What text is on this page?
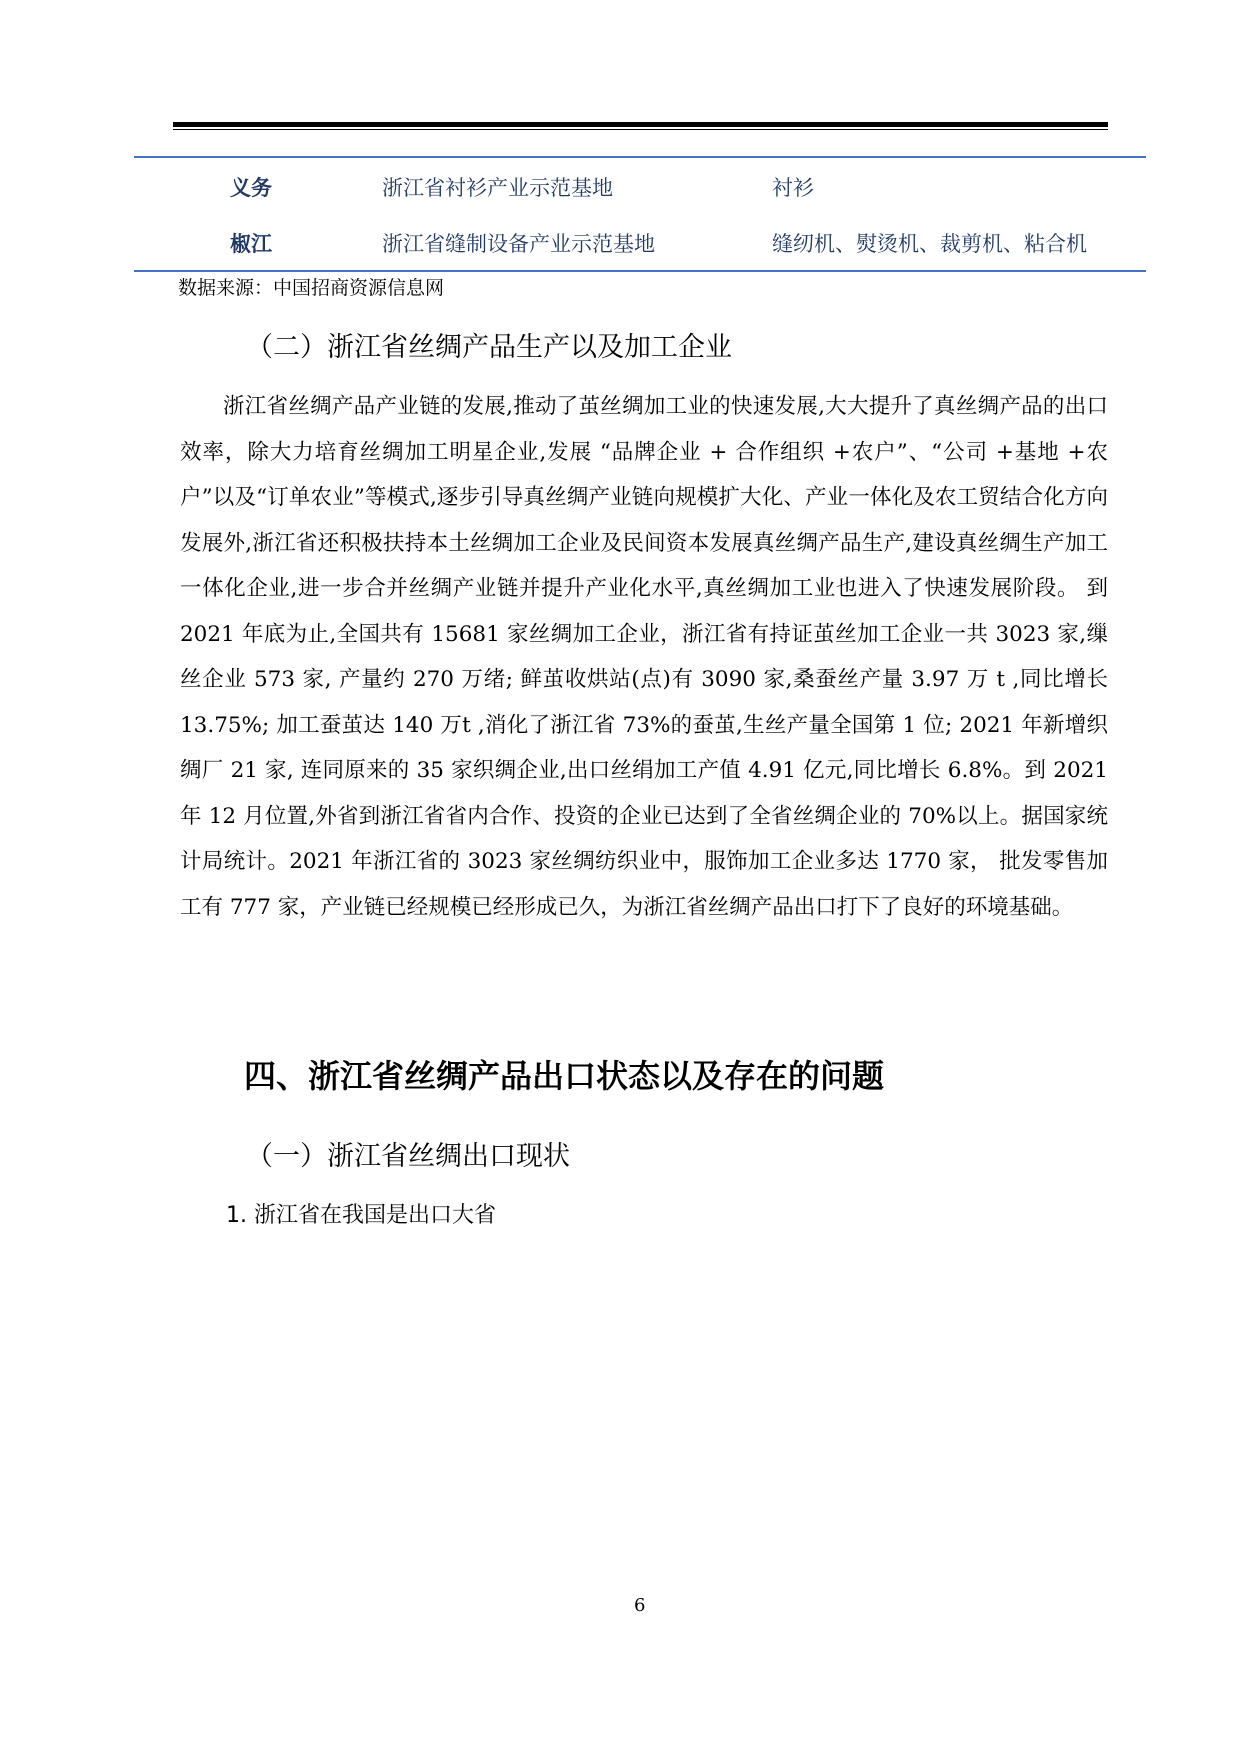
义务	浙江省衬衫产业示范基地	衬衫
椒江	浙江省缝制设备产业示范基地	缝纫机、熨烫机、裁剪机、粘合机
数据来源：中国招商资源信息网
（二）浙江省丝绸产品生产以及加工企业

浙江省丝绸产品产业链的发展,推动了茧丝绸加工业的快速发展,大大提升了真丝绸产品的出口效率，除大力培育丝绸加工明星企业,发展 “品牌企业 + 合作组织 +农户”、“公司 +基地 +农户”以及“订单农业”等模式,逐步引导真丝绸产业链向规模扩大化、产业一体化及农工贸结合化方向发展外,浙江省还积极扶持本土丝绸加工企业及民间资本发展真丝绸产品生产,建设真丝绸生产加工一体化企业,进一步合并丝绸产业链并提升产业化水平,真丝绸加工业也进入了快速发展阶段。 到 2021 年底为止,全国共有 15681 家丝绸加工企业，浙江省有持证茧丝加工企业一共 3023 家,缫丝企业 573 家, 产量约 270 万绪; 鲜茧收烘站(点)有 3090 家,桑蚕丝产量 3.97 万 t ,同比增长 13.75%; 加工蚕茧达 140 万t ,消化了浙江省 73%的蚕茧,生丝产量全国第 1 位; 2021 年新增织绸厂 21 家, 连同原来的 35 家织绸企业,出口丝绢加工产值 4.91 亿元,同比增长 6.8%。到 2021 年 12 月位置,外省到浙江省省内合作、投资的企业已达到了全省丝绸企业的 70%以上。据国家统计局统计。2021 年浙江省的 3023 家丝绸纺织业中，服饰加工企业多达 1770 家， 批发零售加工有 777 家，产业链已经规模已经形成已久，为浙江省丝绸产品出口打下了良好的环境基础。

四、浙江省丝绸产品出口状态以及存在的问题
（一）浙江省丝绸出口现状
1. 浙江省在我国是出口大省
6
